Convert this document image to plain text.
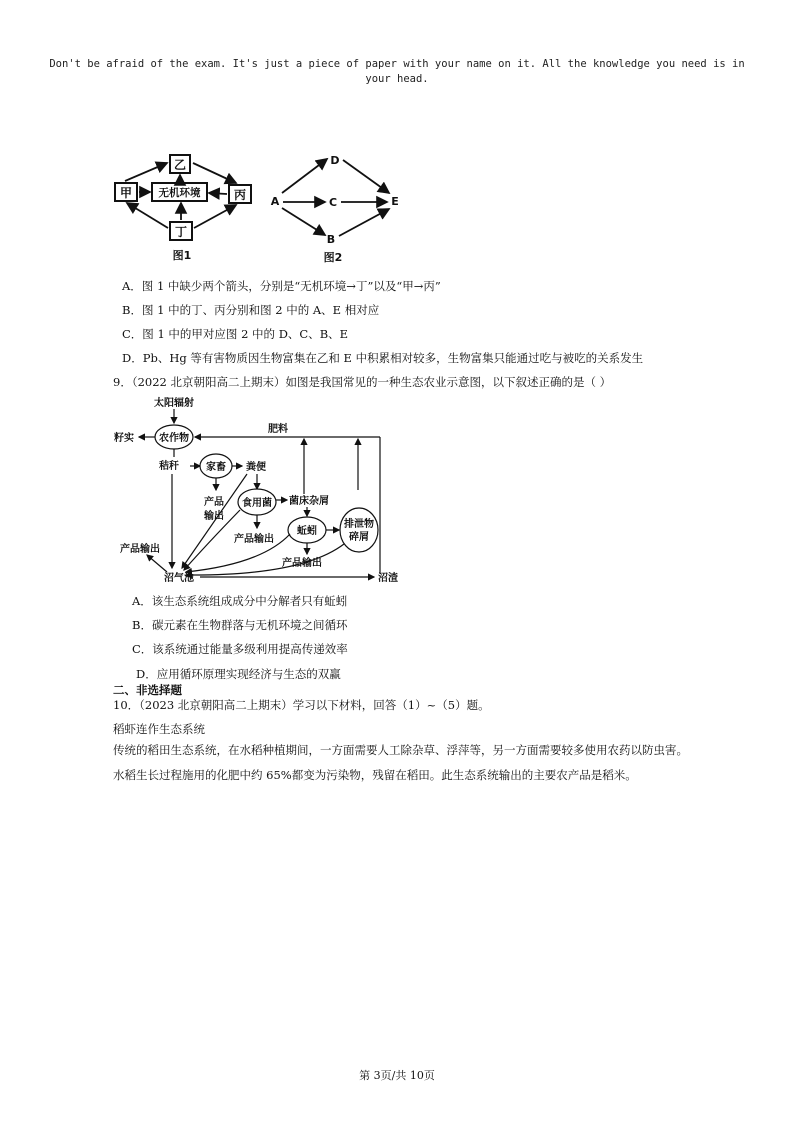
Don't be afraid of the exam. It's just a piece of paper with your name on it. All the knowledge you need is in your head.
乙
甲	无机环境	丙
丁
图1
D
A	C	E
B
图2
A．图 1 中缺少两个箭头，分别是“无机环境→丁”以及“甲→丙”
B．图 1 中的丁、丙分别和图 2 中的 A、E 相对应
C．图 1 中的甲对应图 2 中的 D、C、B、E
D．Pb、Hg 等有害物质因生物富集在乙和 E 中积累相对较多，生物富集只能通过吃与被吃的关系发生
9．（2022 北京朝阳高二上期末）如图是我国常见的一种生态农业示意图，以下叙述正确的是（ ）
太阳辐射
籽实	农作物
肥料
秸秆	家畜 粪便
产品
输出
食用菌 菌床杂屑
产品输出
蚯蚓
产品输出
排泄物
碎屑
产品输出
沼气池	沼渣
A．该生态系统组成成分中分解者只有蚯蚓
B．碳元素在生物群落与无机环境之间循环
C．该系统通过能量多级利用提高传递效率
D．应用循环原理实现经济与生态的双赢
二、非选择题
10．（2023 北京朝阳高二上期末）学习以下材料，回答（1）~（5）题。
稻虾连作生态系统
传统的稻田生态系统，在水稻种植期间，一方面需要人工除杂草、浮萍等，另一方面需要较多使用农药以防虫害。水稻生长过程施用的化肥中约 65%都变为污染物，残留在稻田。此生态系统输出的主要农产品是稻米。
第 3页/共 10页
